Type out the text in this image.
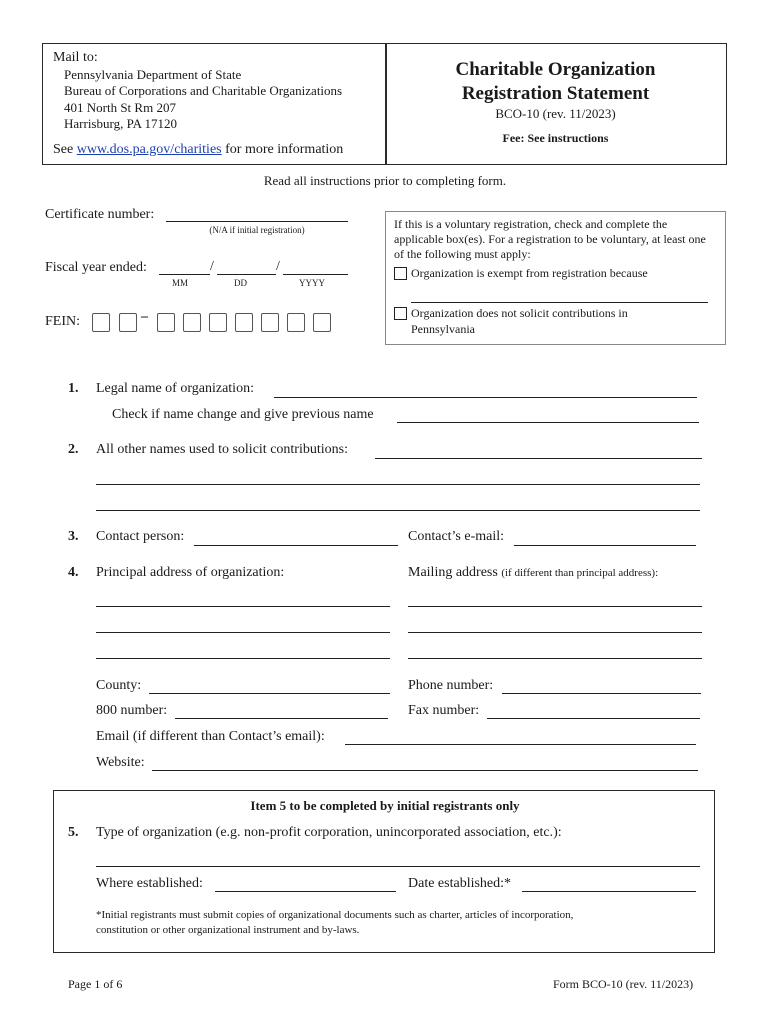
Mail to:
Pennsylvania Department of State
Bureau of Corporations and Charitable Organizations
401 North St Rm 207
Harrisburg, PA 17120
See www.dos.pa.gov/charities for more information
Charitable Organization
Registration Statement
BCO-10 (rev. 11/2023)
Fee: See instructions
Read all instructions prior to completing form.
Certificate number:
(N/A if initial registration)
Fiscal year ended:	/	/
MM	DD	YYYY
FEIN:	–
If this is a voluntary registration, check and complete the applicable box(es). For a registration to be voluntary, at least one of the following must apply:
Organization is exempt from registration because
Organization does not solicit contributions in
Pennsylvania
1. Legal name of organization:
Check if name change and give previous name
2. All other names used to solicit contributions:
3. Contact person:	Contact’s e-mail:
4. Principal address of organization:	Mailing address (if different than principal address):
County:	Phone number:
800 number:	Fax number:
Email (if different than Contact’s email):
Website:
Item 5 to be completed by initial registrants only
5. Type of organization (e.g. non-profit corporation, unincorporated association, etc.):
Where established:	Date established:*
*Initial registrants must submit copies of organizational documents such as charter, articles of incorporation,
constitution or other organizational instrument and by-laws.
Page 1 of 6	Form BCO-10 (rev. 11/2023)
